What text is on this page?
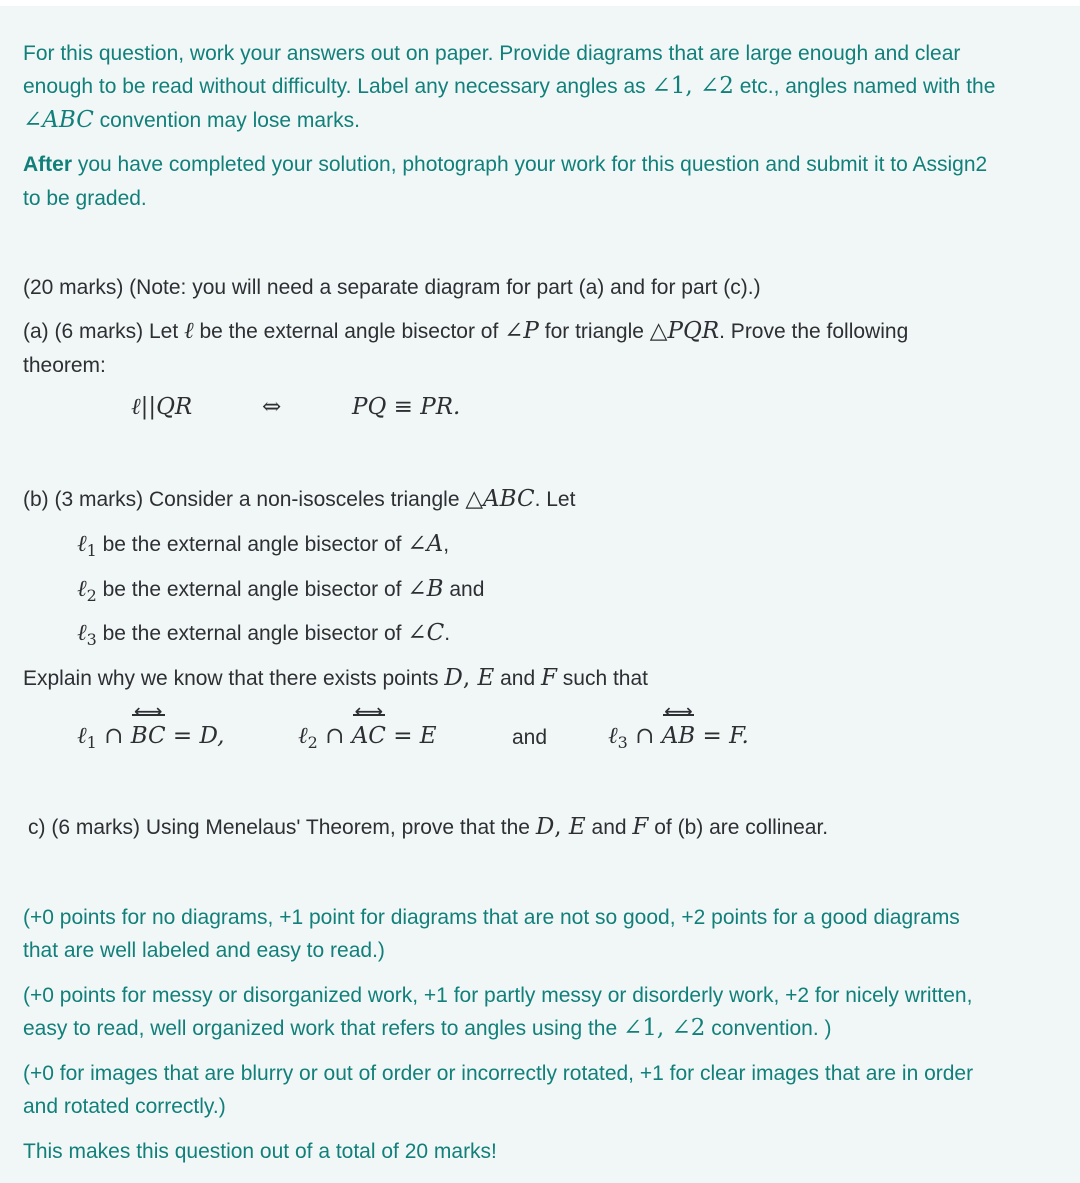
For this question, work your answers out on paper. Provide diagrams that are large enough and clear

enough to be read without difficulty. Label any necessary angles as ∠1, ∠2 etc., angles named with the

∠ABC convention may lose marks.

After you have completed your solution, photograph your work for this question and submit it to Assign2

to be graded.

(20 marks) (Note: you will need a separate diagram for part (a) and for part (c).)

(a) (6 marks) Let ℓ be the external angle bisector of ∠P for triangle △PQR. Prove the following

theorem:

ℓ||QR	⇔	PQ ≡ PR.

(b) (3 marks) Consider a non-isosceles triangle △ABC. Let

ℓ$_1$ be the external angle bisector of ∠A,

ℓ$_2$ be the external angle bisector of ∠B and

ℓ$_3$ be the external angle bisector of ∠C.

Explain why we know that there exists points D, E and F such that

ℓ$_1$ ∩ BC ⟷ = D,	ℓ$_2$ ∩ AC ⟷ = E	and	ℓ$_3$ ∩ AB ⟷ = F.

c) (6 marks) Using Menelaus' Theorem, prove that the D, E and F of (b) are collinear.

(+0 points for no diagrams, +1 point for diagrams that are not so good, +2 points for a good diagrams

that are well labeled and easy to read.)

(+0 points for messy or disorganized work, +1 for partly messy or disorderly work, +2 for nicely written,

easy to read, well organized work that refers to angles using the ∠1, ∠2 convention. )

(+0 for images that are blurry or out of order or incorrectly rotated, +1 for clear images that are in order

and rotated correctly.)

This makes this question out of a total of 20 marks!
